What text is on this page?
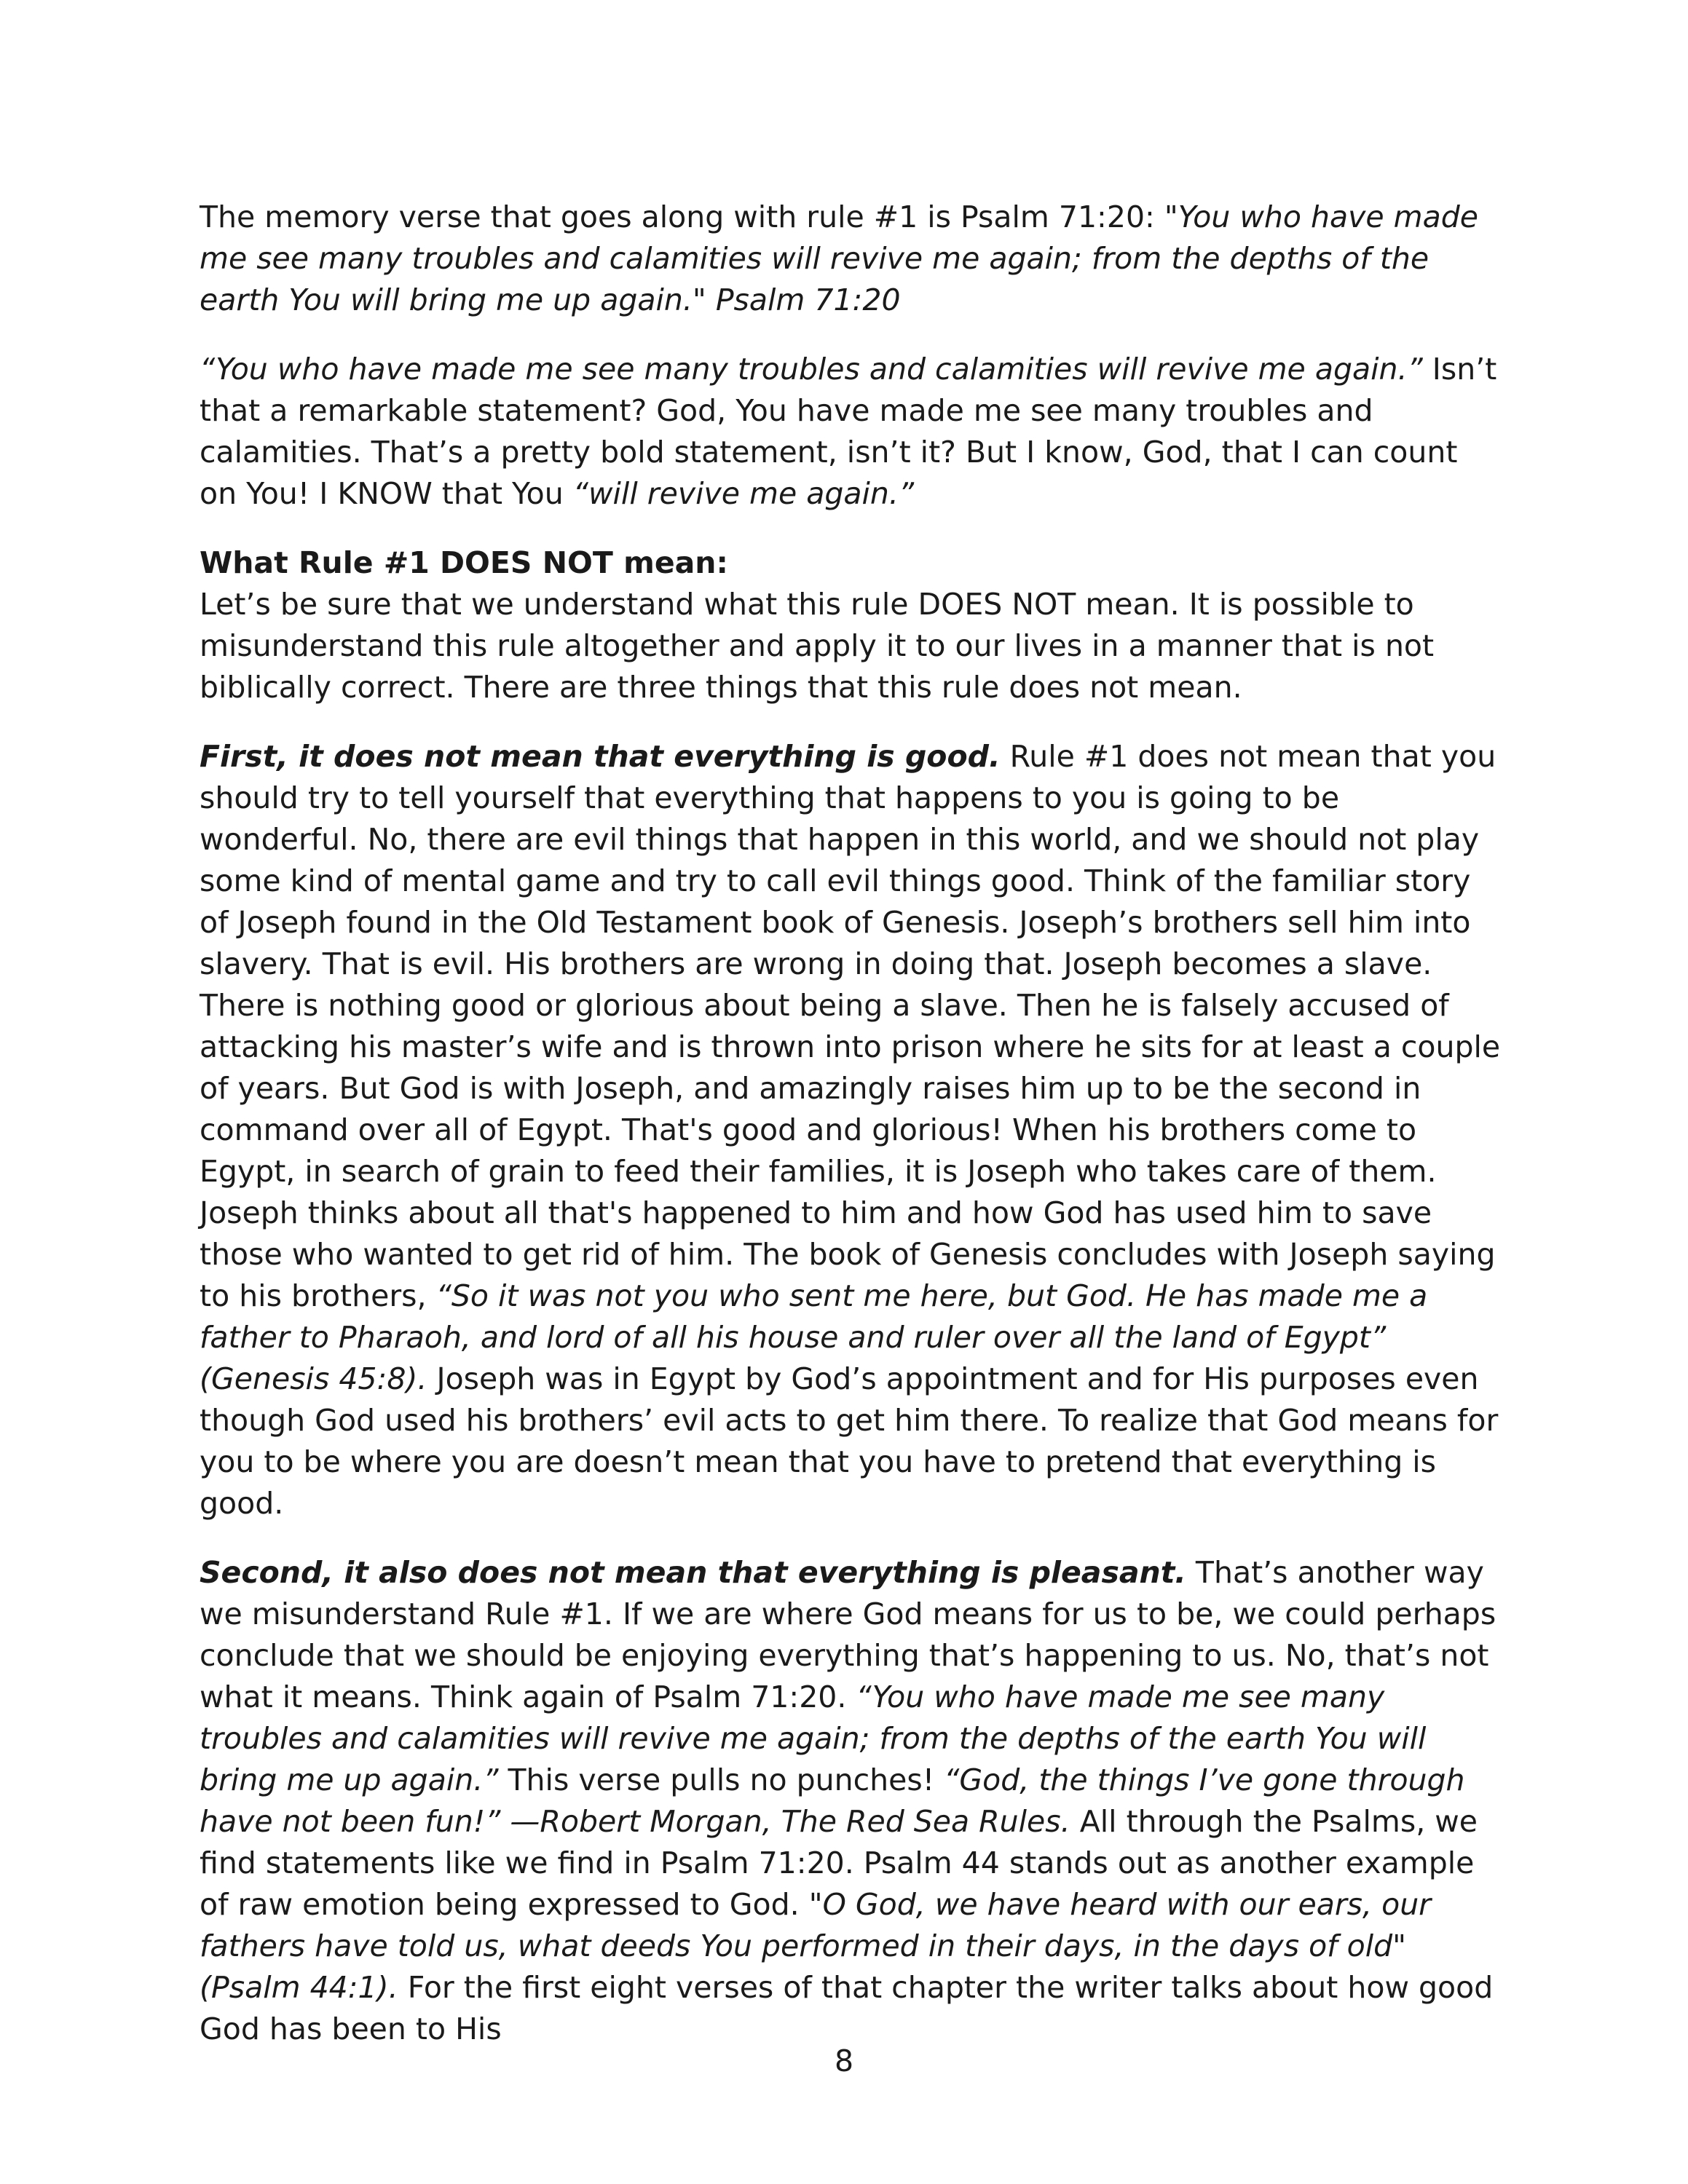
The memory verse that goes along with rule #1 is Psalm 71:20: "You who have made me see many troubles and calamities will revive me again; from the depths of the earth You will bring me up again." Psalm 71:20

“You who have made me see many troubles and calamities will revive me again.” Isn’t that a remarkable statement? God, You have made me see many troubles and calamities. That’s a pretty bold statement, isn’t it? But I know, God, that I can count on You! I KNOW that You “will revive me again.”

What Rule #1 DOES NOT mean:
Let’s be sure that we understand what this rule DOES NOT mean. It is possible to misunderstand this rule altogether and apply it to our lives in a manner that is not biblically correct. There are three things that this rule does not mean.

First, it does not mean that everything is good. Rule #1 does not mean that you should try to tell yourself that everything that happens to you is going to be wonderful. No, there are evil things that happen in this world, and we should not play some kind of mental game and try to call evil things good. Think of the familiar story of Joseph found in the Old Testament book of Genesis. Joseph’s brothers sell him into slavery. That is evil. His brothers are wrong in doing that. Joseph becomes a slave. There is nothing good or glorious about being a slave. Then he is falsely accused of attacking his master’s wife and is thrown into prison where he sits for at least a couple of years. But God is with Joseph, and amazingly raises him up to be the second in command over all of Egypt. That's good and glorious! When his brothers come to Egypt, in search of grain to feed their families, it is Joseph who takes care of them. Joseph thinks about all that's happened to him and how God has used him to save those who wanted to get rid of him. The book of Genesis concludes with Joseph saying to his brothers, “So it was not you who sent me here, but God. He has made me a father to Pharaoh, and lord of all his house and ruler over all the land of Egypt” (Genesis 45:8). Joseph was in Egypt by God’s appointment and for His purposes even though God used his brothers’ evil acts to get him there. To realize that God means for you to be where you are doesn’t mean that you have to pretend that everything is good.

Second, it also does not mean that everything is pleasant. That’s another way we misunderstand Rule #1. If we are where God means for us to be, we could perhaps conclude that we should be enjoying everything that’s happening to us. No, that’s not what it means. Think again of Psalm 71:20. “You who have made me see many troubles and calamities will revive me again; from the depths of the earth You will bring me up again.” This verse pulls no punches! “God, the things I’ve gone through have not been fun!” —Robert Morgan, The Red Sea Rules. All through the Psalms, we find statements like we find in Psalm 71:20. Psalm 44 stands out as another example of raw emotion being expressed to God. "O God, we have heard with our ears, our fathers have told us, what deeds You performed in their days, in the days of old" (Psalm 44:1). For the first eight verses of that chapter the writer talks about how good God has been to His

8
